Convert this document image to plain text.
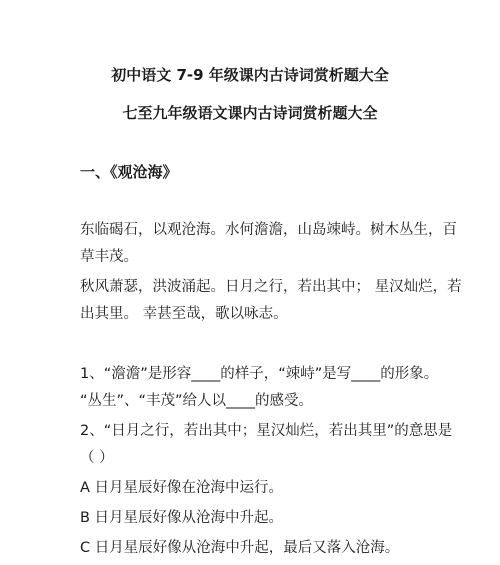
初中语文 7-9 年级课内古诗词赏析题大全
七至九年级语文课内古诗词赏析题大全
一、《观沧海》
东临碣石，以观沧海。水何澹澹，山岛竦峙。树木丛生，百
草丰茂。
秋风萧瑟，洪波涌起。日月之行，若出其中； 星汉灿烂，若
出其里。 幸甚至哉，歌以咏志。
1、“澹澹”是形容____的样子，“竦峙”是写____的形象。
“丛生”、“丰茂”给人以____的感受。
2、“日月之行，若出其中；星汉灿烂，若出其里”的意思是
（ ）
A 日月星辰好像在沧海中运行。
B 日月星辰好像从沧海中升起。
C 日月星辰好像从沧海中升起，最后又落入沧海。
